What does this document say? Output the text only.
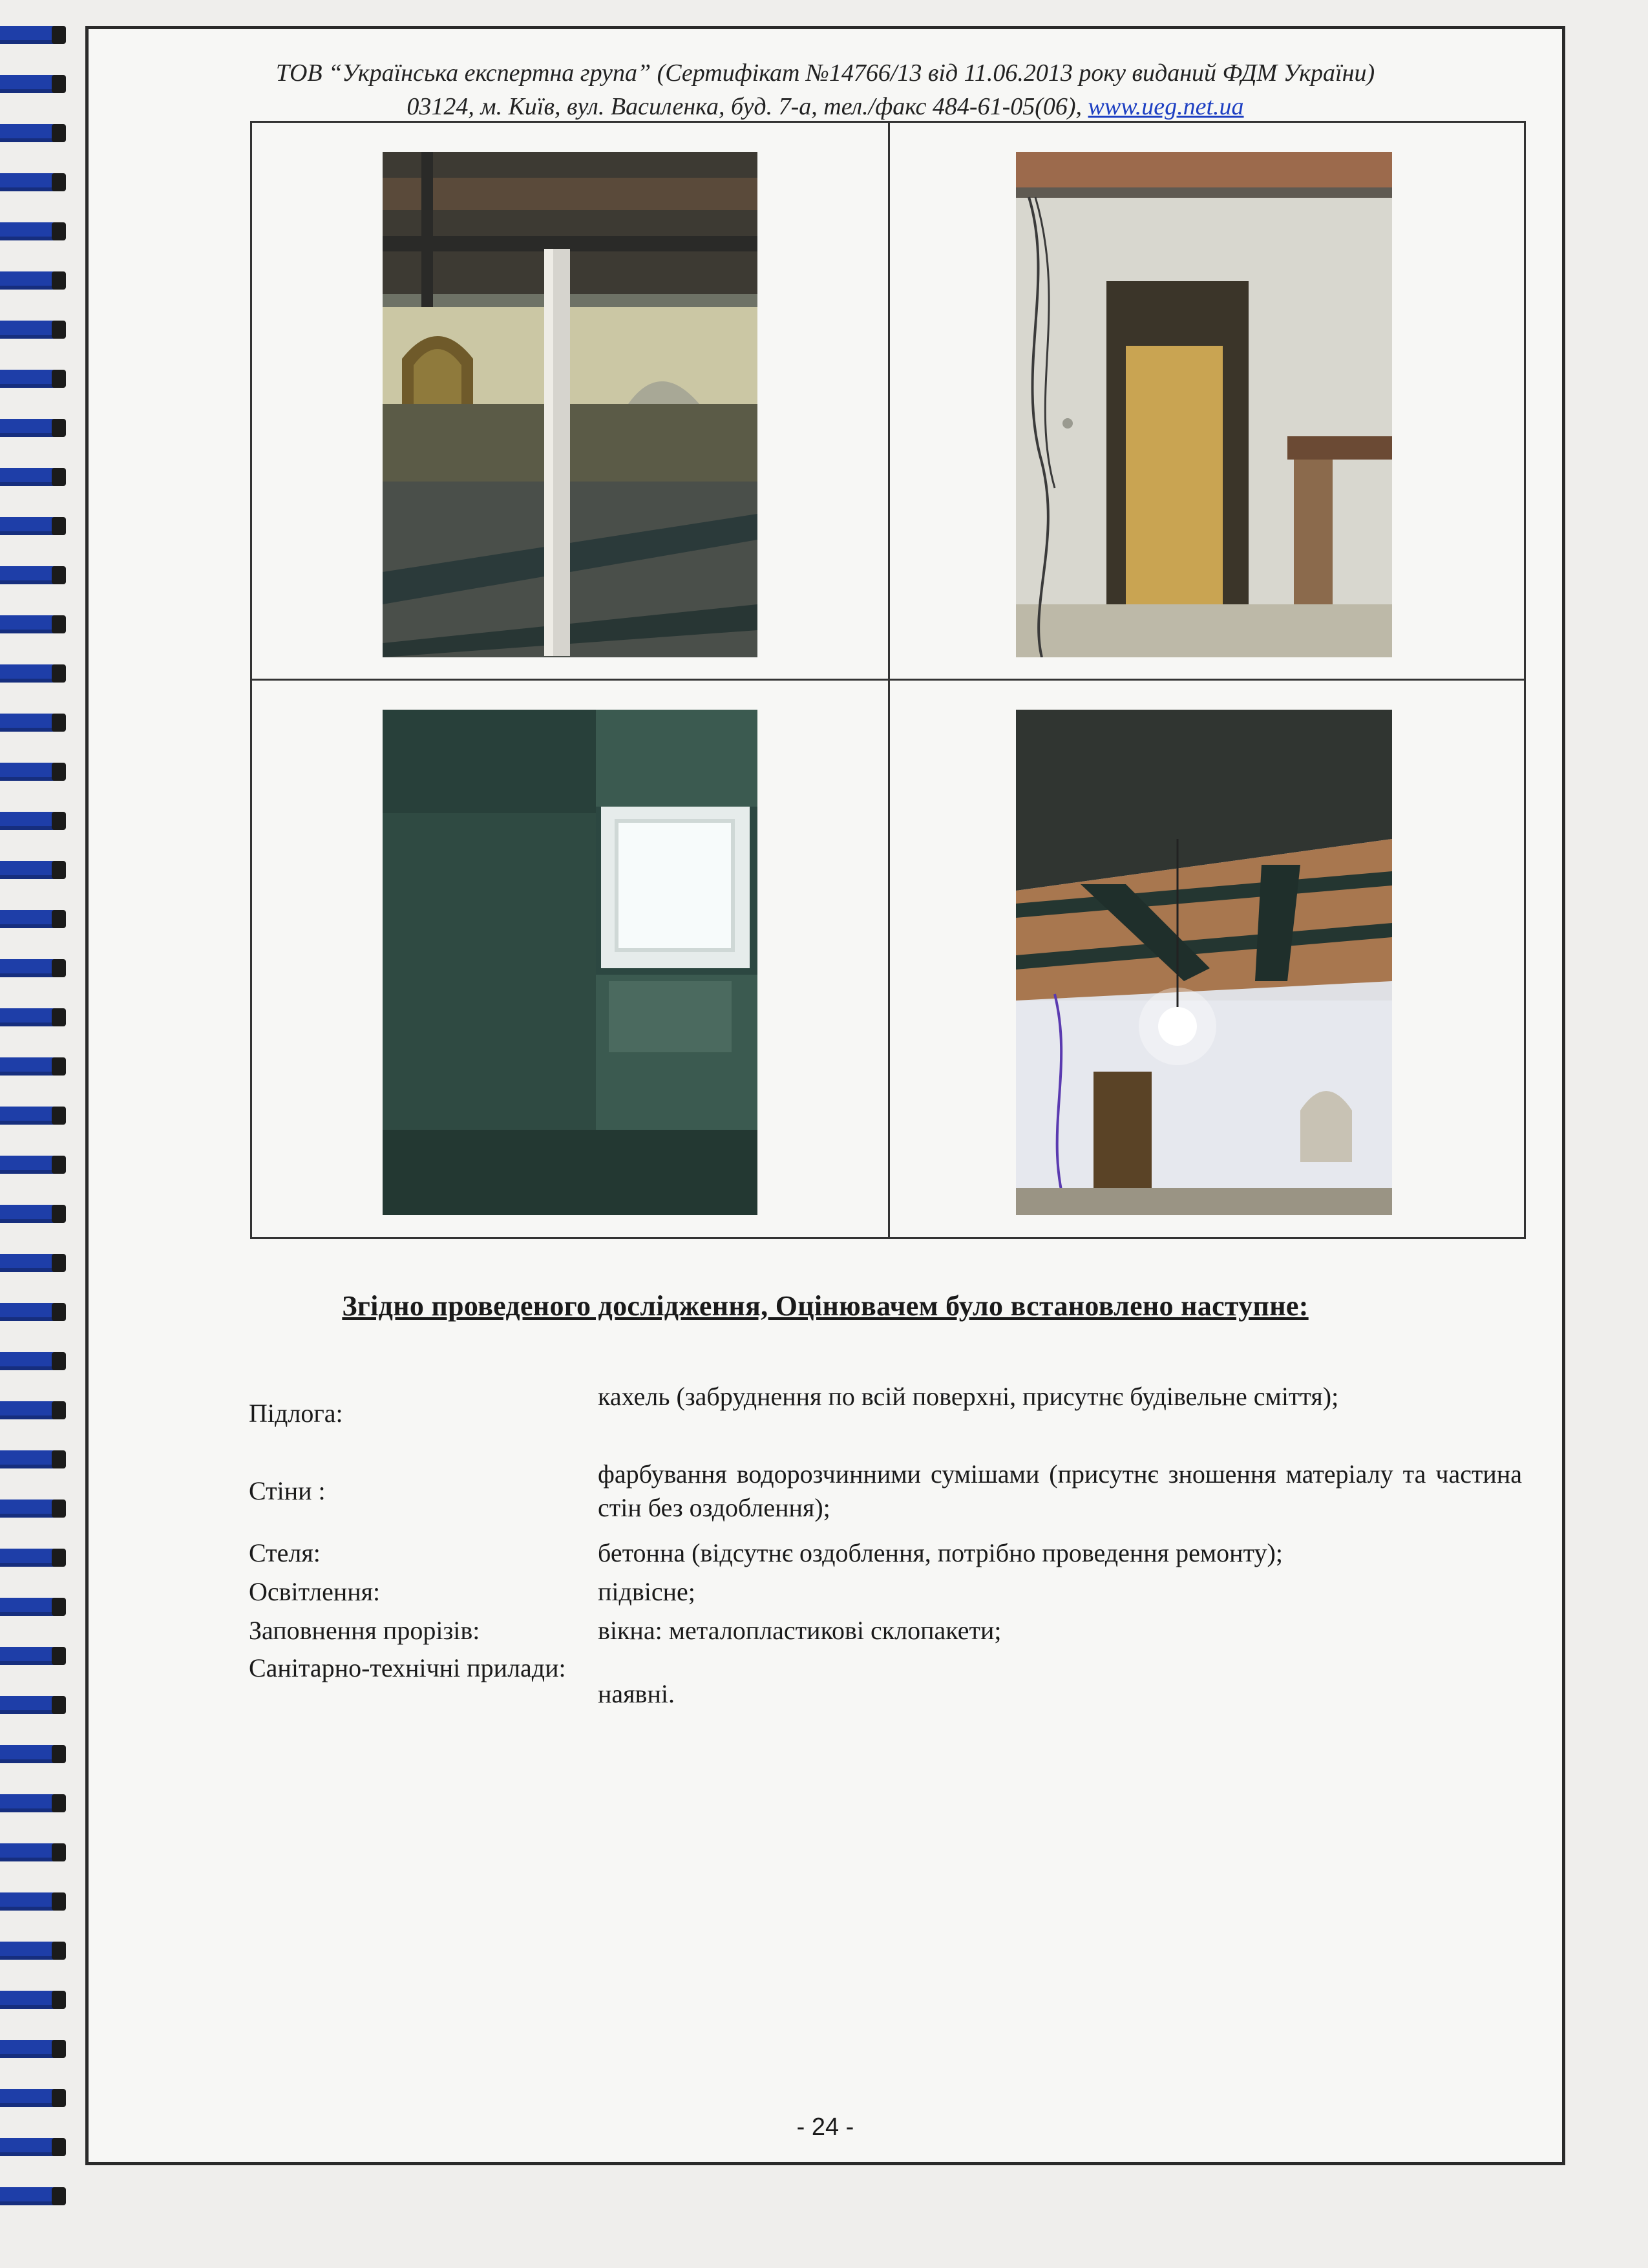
ТОВ “Українська експертна група” (Сертифікат №14766/13 від 11.06.2013 року виданий ФДМ України)
03124, м. Київ, вул. Василенка, буд. 7-а, тел./факс 484-61-05(06), www.ueg.net.ua
Згідно проведеного дослідження, Оцінювачем було встановлено наступне:
Підлога:
кахель (забруднення по всій поверхні, присутнє будівельне сміття);
Стіни :
фарбування водорозчинними сумішами (присутнє зношення матеріалу та частина стін без оздоблення);
Стеля:	бетонна (відсутнє оздоблення, потрібно проведення ремонту);
Освітлення:	підвісне;
Заповнення прорізів:	вікна: металопластикові склопакети;
Санітарно-технічні прилади:
наявні.
- 24 -
